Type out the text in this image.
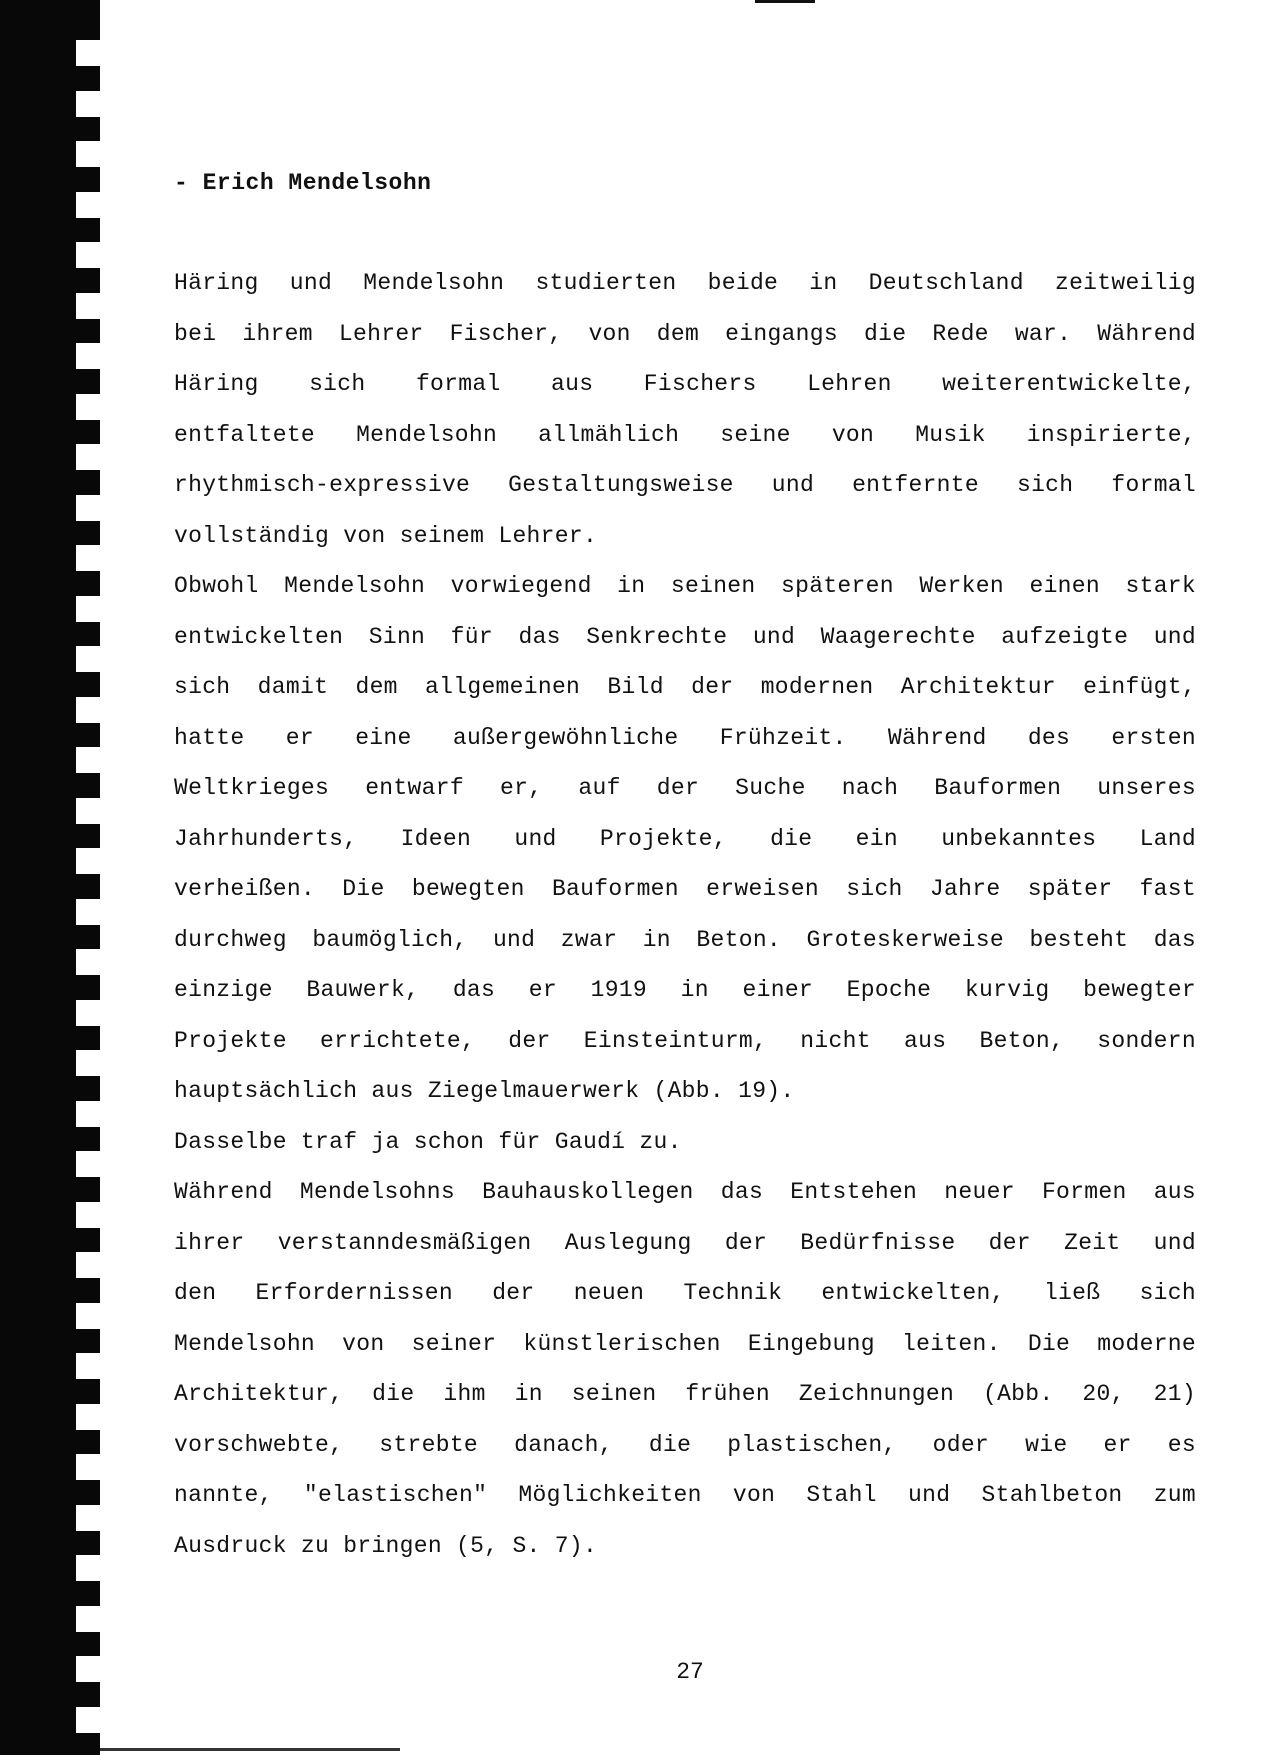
- Erich Mendelsohn
Häring und Mendelsohn studierten beide in Deutschland zeitweilig
bei ihrem Lehrer Fischer, von dem eingangs die Rede war. Während
Häring sich formal aus Fischers Lehren weiterentwickelte,
entfaltete Mendelsohn allmählich seine von Musik inspirierte,
rhythmisch-expressive Gestaltungsweise und entfernte sich formal
vollständig von seinem Lehrer.
Obwohl Mendelsohn vorwiegend in seinen späteren Werken einen stark
entwickelten Sinn für das Senkrechte und Waagerechte aufzeigte und
sich damit dem allgemeinen Bild der modernen Architektur einfügt,
hatte er eine außergewöhnliche Frühzeit. Während des ersten
Weltkrieges entwarf er, auf der Suche nach Bauformen unseres
Jahrhunderts, Ideen und Projekte, die ein unbekanntes Land
verheißen. Die bewegten Bauformen erweisen sich Jahre später fast
durchweg baumöglich, und zwar in Beton. Groteskerweise besteht das
einzige Bauwerk, das er 1919 in einer Epoche kurvig bewegter
Projekte errichtete, der Einsteinturm, nicht aus Beton, sondern
hauptsächlich aus Ziegelmauerwerk (Abb. 19).
Dasselbe traf ja schon für Gaudí zu.
Während Mendelsohns Bauhauskollegen das Entstehen neuer Formen aus
ihrer verstanndesmäßigen Auslegung der Bedürfnisse der Zeit und
den Erfordernissen der neuen Technik entwickelten, ließ sich
Mendelsohn von seiner künstlerischen Eingebung leiten. Die moderne
Architektur, die ihm in seinen frühen Zeichnungen (Abb. 20, 21)
vorschwebte, strebte danach, die plastischen, oder wie er es
nannte, "elastischen" Möglichkeiten von Stahl und Stahlbeton zum
Ausdruck zu bringen (5, S. 7).
27
